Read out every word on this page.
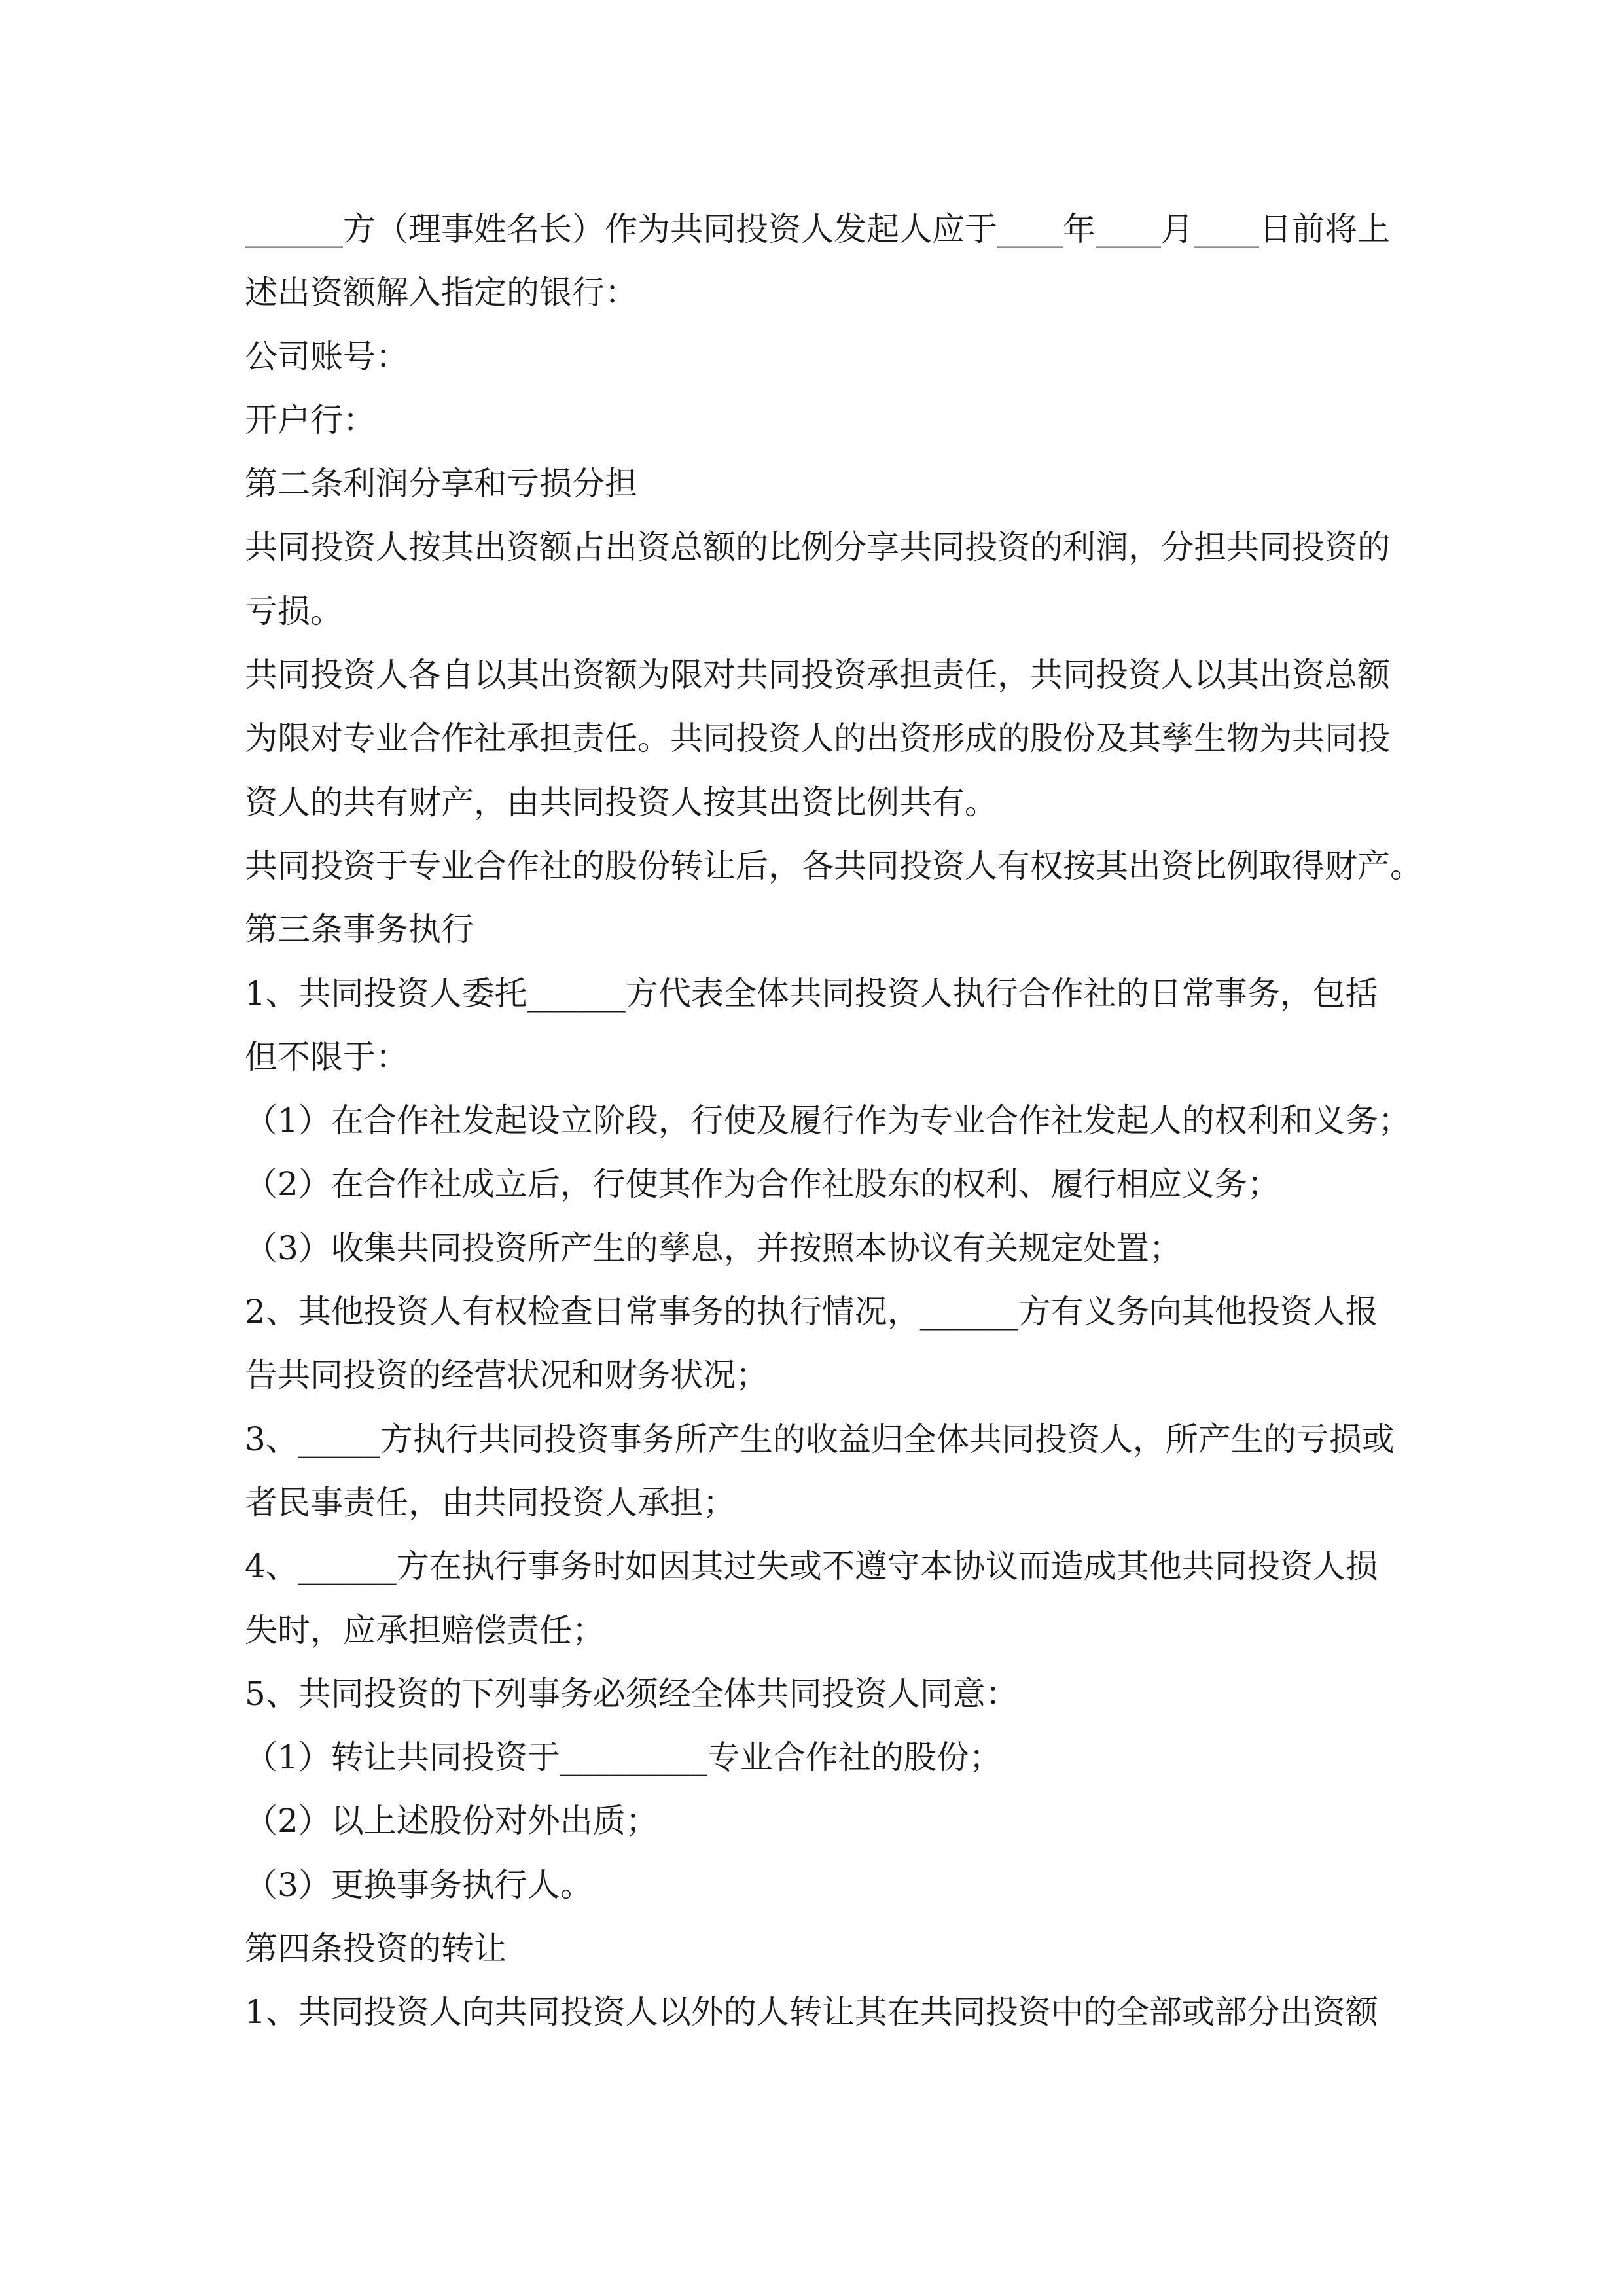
______方（理事姓名长）作为共同投资人发起人应于____年____月____日前将上
述出资额解入指定的银行：
公司账号：
开户行：
第二条利润分享和亏损分担
共同投资人按其出资额占出资总额的比例分享共同投资的利润，分担共同投资的
亏损。
共同投资人各自以其出资额为限对共同投资承担责任，共同投资人以其出资总额
为限对专业合作社承担责任。共同投资人的出资形成的股份及其孳生物为共同投
资人的共有财产，由共同投资人按其出资比例共有。
共同投资于专业合作社的股份转让后，各共同投资人有权按其出资比例取得财产。
第三条事务执行
1、共同投资人委托______方代表全体共同投资人执行合作社的日常事务，包括
但不限于：
（1）在合作社发起设立阶段，行使及履行作为专业合作社发起人的权利和义务；
（2）在合作社成立后，行使其作为合作社股东的权利、履行相应义务；
（3）收集共同投资所产生的孳息，并按照本协议有关规定处置；
2、其他投资人有权检查日常事务的执行情况，______方有义务向其他投资人报
告共同投资的经营状况和财务状况；
3、_____方执行共同投资事务所产生的收益归全体共同投资人，所产生的亏损或
者民事责任，由共同投资人承担；
4、______方在执行事务时如因其过失或不遵守本协议而造成其他共同投资人损
失时，应承担赔偿责任；
5、共同投资的下列事务必须经全体共同投资人同意：
（1）转让共同投资于_________专业合作社的股份；
（2）以上述股份对外出质；
（3）更换事务执行人。
第四条投资的转让
1、共同投资人向共同投资人以外的人转让其在共同投资中的全部或部分出资额
